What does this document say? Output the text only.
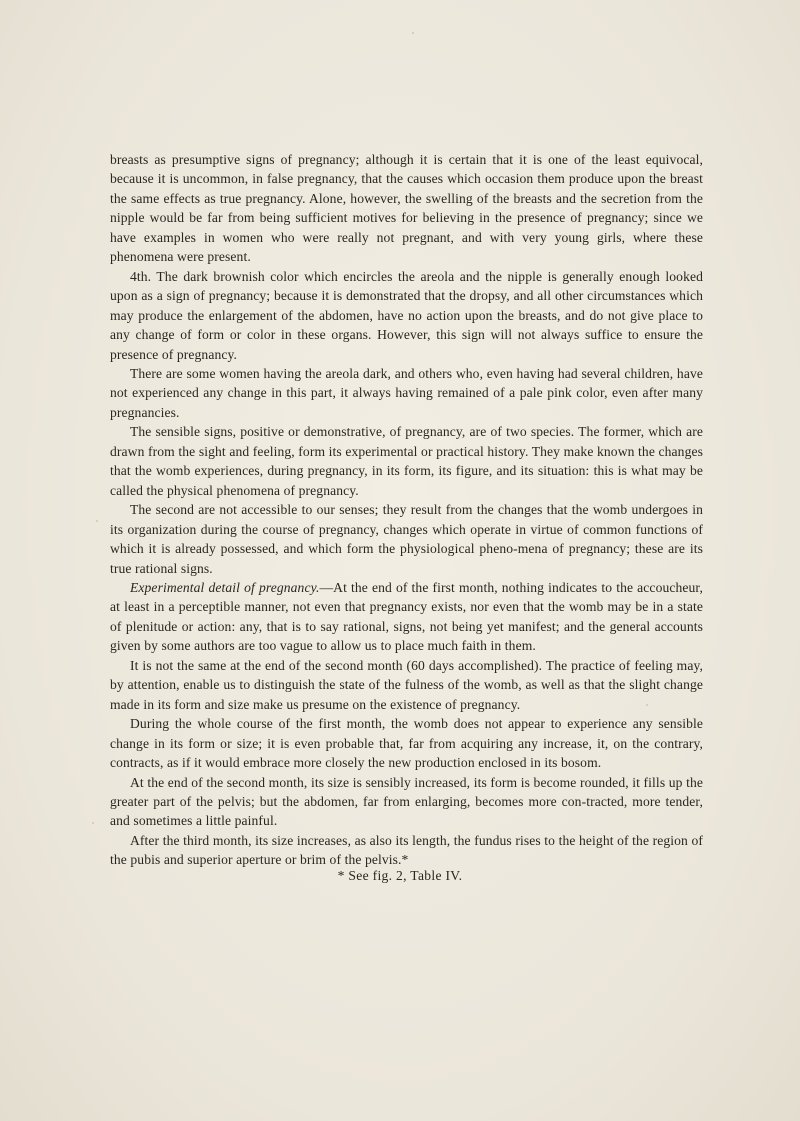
breasts as presumptive signs of pregnancy; although it is certain that it is one of the least equivocal, because it is uncommon, in false pregnancy, that the causes which occasion them produce upon the breast the same effects as true pregnancy. Alone, however, the swelling of the breasts and the secretion from the nipple would be far from being sufficient motives for believing in the presence of pregnancy; since we have examples in women who were really not pregnant, and with very young girls, where these phenomena were present.

4th. The dark brownish color which encircles the areola and the nipple is generally enough looked upon as a sign of pregnancy; because it is demonstrated that the dropsy, and all other circumstances which may produce the enlargement of the abdomen, have no action upon the breasts, and do not give place to any change of form or color in these organs. However, this sign will not always suffice to ensure the presence of pregnancy.

There are some women having the areola dark, and others who, even having had several children, have not experienced any change in this part, it always having remained of a pale pink color, even after many pregnancies.

The sensible signs, positive or demonstrative, of pregnancy, are of two species. The former, which are drawn from the sight and feeling, form its experimental or practical history. They make known the changes that the womb experiences, during pregnancy, in its form, its figure, and its situation: this is what may be called the physical phenomena of pregnancy.

The second are not accessible to our senses; they result from the changes that the womb undergoes in its organization during the course of pregnancy, changes which operate in virtue of common functions of which it is already possessed, and which form the physiological pheno-mena of pregnancy; these are its true rational signs.

Experimental detail of pregnancy.—At the end of the first month, nothing indicates to the accoucheur, at least in a perceptible manner, not even that pregnancy exists, nor even that the womb may be in a state of plenitude or action: any, that is to say rational, signs, not being yet manifest; and the general accounts given by some authors are too vague to allow us to place much faith in them.

It is not the same at the end of the second month (60 days accomplished). The practice of feeling may, by attention, enable us to distinguish the state of the fulness of the womb, as well as that the slight change made in its form and size make us presume on the existence of pregnancy.

During the whole course of the first month, the womb does not appear to experience any sensible change in its form or size; it is even probable that, far from acquiring any increase, it, on the contrary, contracts, as if it would embrace more closely the new production enclosed in its bosom.

At the end of the second month, its size is sensibly increased, its form is become rounded, it fills up the greater part of the pelvis; but the abdomen, far from enlarging, becomes more con-tracted, more tender, and sometimes a little painful.

After the third month, its size increases, as also its length, the fundus rises to the height of the region of the pubis and superior aperture or brim of the pelvis.*

* See fig. 2, Table IV.
